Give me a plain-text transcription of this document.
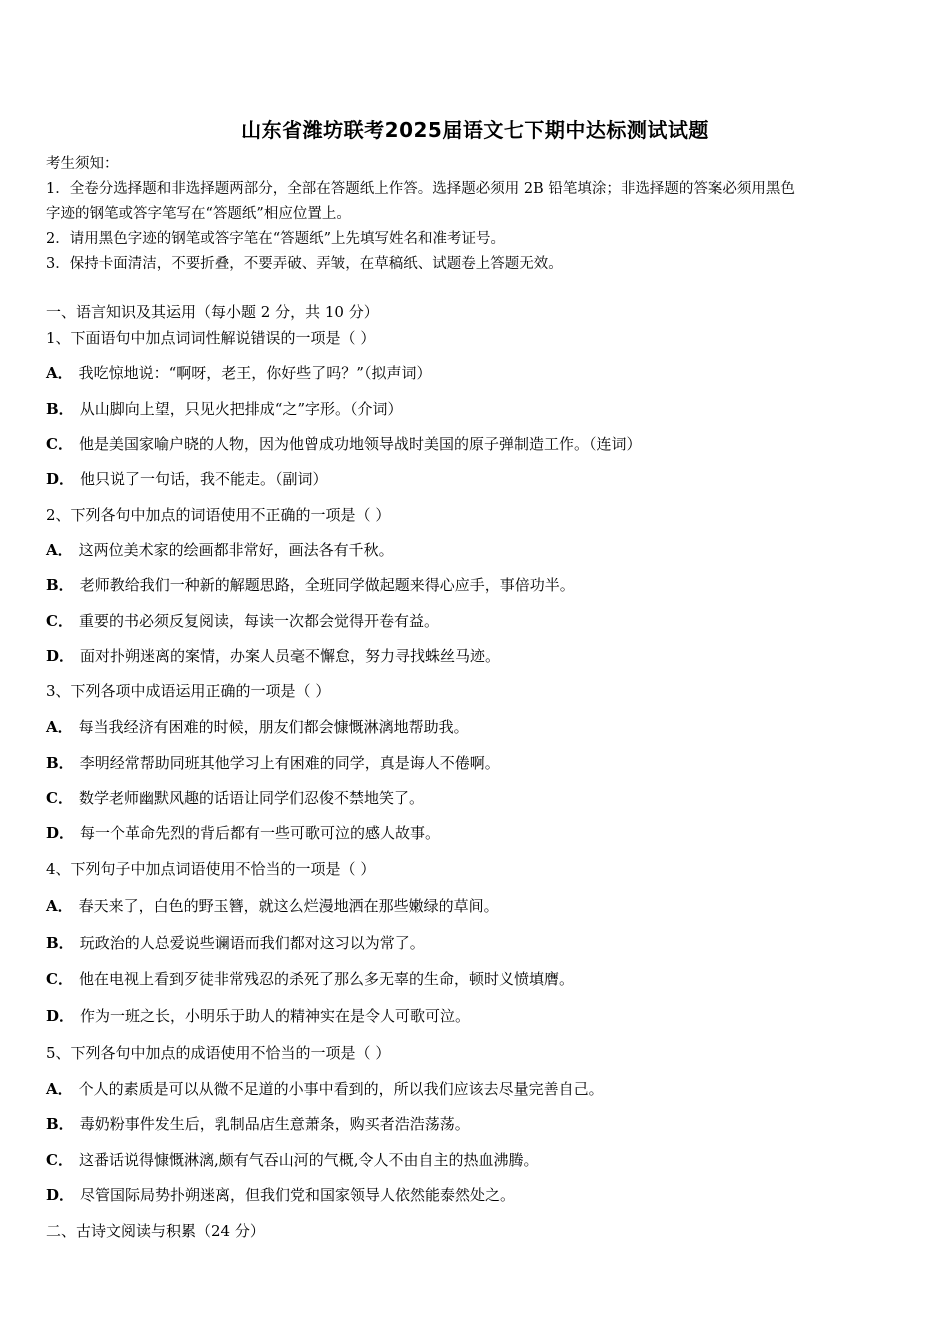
山东省潍坊联考2025届语文七下期中达标测试试题
考生须知：
1．全卷分选择题和非选择题两部分，全部在答题纸上作答。选择题必须用 2B 铅笔填涂；非选择题的答案必须用黑色
字迹的钢笔或答字笔写在“答题纸”相应位置上。
2．请用黑色字迹的钢笔或答字笔在“答题纸”上先填写姓名和准考证号。
3．保持卡面清洁，不要折叠，不要弄破、弄皱，在草稿纸、试题卷上答题无效。
一、语言知识及其运用（每小题 2 分，共 10 分）
1、下面语句中加点词词性解说错误的一项是（ ）
A． 我吃惊地说：“啊呀，老王，你好些了吗？”（拟声词）
B． 从山脚向上望，只见火把排成“之”字形。（介词）
C． 他是美国家喻户晓的人物，因为他曾成功地领导战时美国的原子弹制造工作。（连词）
D． 他只说了一句话，我不能走。（副词）
2、下列各句中加点的词语使用不正确的一项是（ ）
A． 这两位美术家的绘画都非常好，画法各有千秋。
B． 老师教给我们一种新的解题思路，全班同学做起题来得心应手，事倍功半。
C． 重要的书必须反复阅读，每读一次都会觉得开卷有益。
D． 面对扑朔迷离的案情，办案人员毫不懈怠，努力寻找蛛丝马迹。
3、下列各项中成语运用正确的一项是（ ）
A． 每当我经济有困难的时候，朋友们都会慷慨淋漓地帮助我。
B． 李明经常帮助同班其他学习上有困难的同学，真是诲人不倦啊。
C． 数学老师幽默风趣的话语让同学们忍俊不禁地笑了。
D． 每一个革命先烈的背后都有一些可歌可泣的感人故事。
4、下列句子中加点词语使用不恰当的一项是（ ）
A． 春天来了，白色的野玉簪，就这么烂漫地洒在那些嫩绿的草间。
B． 玩政治的人总爱说些谰语而我们都对这习以为常了。
C． 他在电视上看到歹徒非常残忍的杀死了那么多无辜的生命，顿时义愤填膺。
D． 作为一班之长，小明乐于助人的精神实在是令人可歌可泣。
5、下列各句中加点的成语使用不恰当的一项是（ ）
A． 个人的素质是可以从微不足道的小事中看到的，所以我们应该去尽量完善自己。
B． 毒奶粉事件发生后，乳制品店生意萧条，购买者浩浩荡荡。
C． 这番话说得慷慨淋漓,颇有气吞山河的气概,令人不由自主的热血沸腾。
D． 尽管国际局势扑朔迷离，但我们党和国家领导人依然能泰然处之。
二、古诗文阅读与积累（24 分）
